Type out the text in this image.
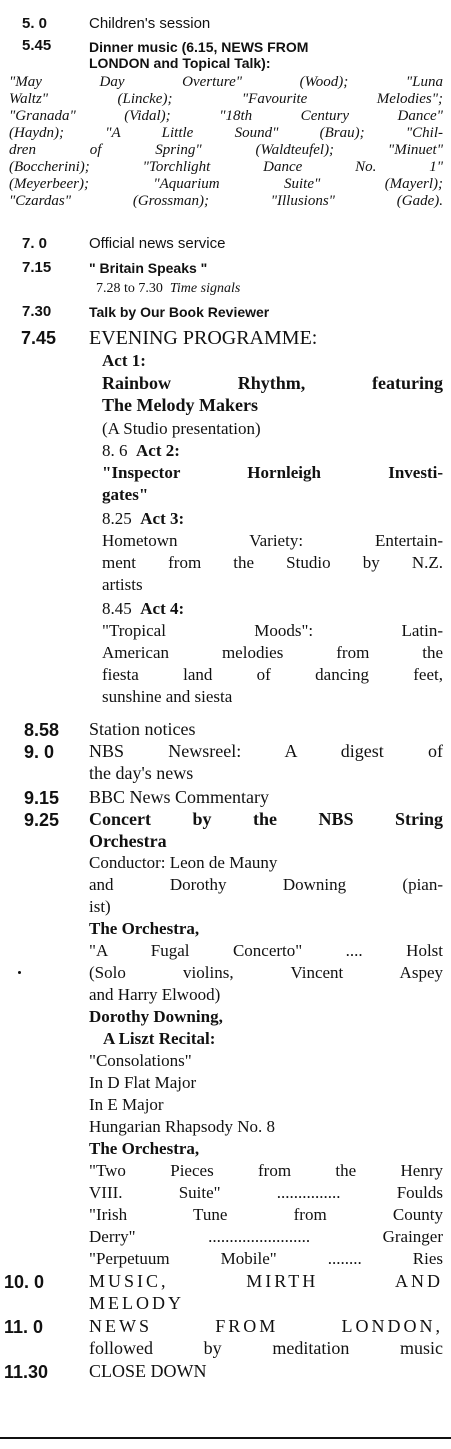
5. 0	Children's session
5.45	Dinner music (6.15, NEWS FROM
LONDON and Topical Talk):
"May Day Overture" (Wood); "Luna
Waltz" (Lincke); "Favourite Melodies";
"Granada" (Vidal); "18th Century Dance"
(Haydn); "A Little Sound" (Brau); "Chil-
dren of Spring" (Waldteufel); "Minuet"
(Boccherini); "Torchlight Dance No. 1"
(Meyerbeer); "Aquarium Suite" (Mayerl);
"Czardas" (Grossman); "Illusions" (Gade).
7. 0	Official news service
7.15	" Britain Speaks "
7.28 to 7.30 Time signals
7.30	Talk by Our Book Reviewer
7.45 EVENING PROGRAMME:
Act 1:
Rainbow Rhythm, featuring
The Melody Makers
(A Studio presentation)
8. 6 Act 2:
"Inspector Hornleigh Investi-
gates"
8.25 Act 3:
Hometown Variety: Entertain-
ment from the Studio by N.Z.
artists
8.45 Act 4:
"Tropical Moods": Latin-
American melodies from the
fiesta land of dancing feet,
sunshine and siesta
8.58 Station notices
9. 0 NBS Newsreel: A digest of
the day's news
9.15 BBC News Commentary
9.25 Concert by the NBS String
Orchestra
Conductor: Leon de Mauny
and Dorothy Downing (pian-
ist)
The Orchestra,
"A Fugal Concerto" .... Holst
(Solo violins, Vincent Aspey
and Harry Elwood)
Dorothy Downing,
A Liszt Recital:
"Consolations"
In D Flat Major
In E Major
Hungarian Rhapsody No. 8
The Orchestra,
"Two Pieces from the Henry
VIII. Suite" ............... Foulds
"Irish Tune from County
Derry" ........................ Grainger
"Perpetuum Mobile" ........ Ries
10. 0 MUSIC, MIRTH AND
MELODY
11. 0	NEWS FROM LONDON,
followed by meditation music
11.30 CLOSE DOWN
